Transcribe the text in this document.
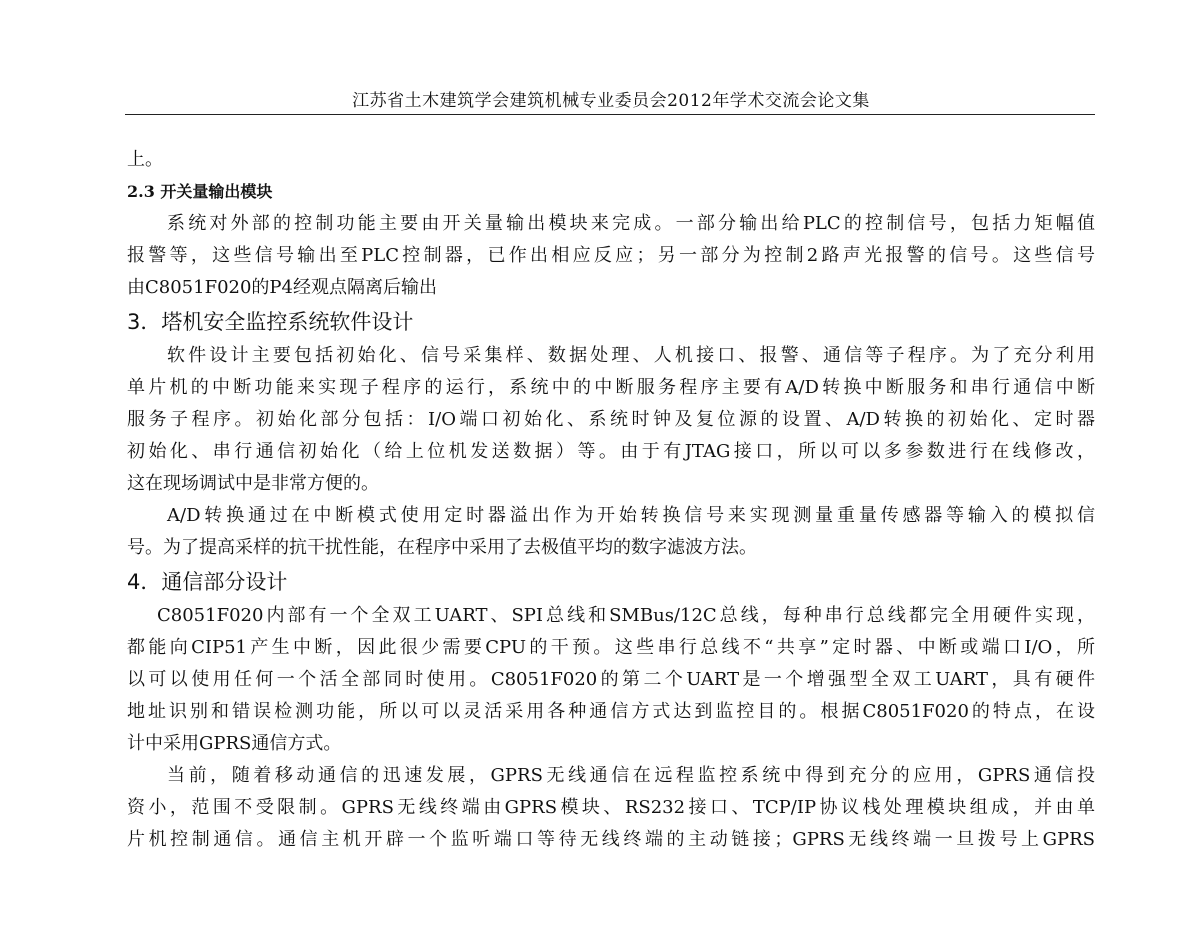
江苏省土木建筑学会建筑机械专业委员会2012年学术交流会论文集
上。
2.3 开关量输出模块
系统对外部的控制功能主要由开关量输出模块来完成。一部分输出给PLC的控制信号，包括力矩幅值
报警等，这些信号输出至PLC控制器，已作出相应反应；另一部分为控制2路声光报警的信号。这些信号
由C8051F020的P4经观点隔离后输出
3．塔机安全监控系统软件设计
软件设计主要包括初始化、信号采集样、数据处理、人机接口、报警、通信等子程序。为了充分利用
单片机的中断功能来实现子程序的运行，系统中的中断服务程序主要有A/D转换中断服务和串行通信中断
服务子程序。初始化部分包括：I/O端口初始化、系统时钟及复位源的设置、A/D转换的初始化、定时器
初始化、串行通信初始化（给上位机发送数据）等。由于有JTAG接口，所以可以多参数进行在线修改，
这在现场调试中是非常方便的。
A/D转换通过在中断模式使用定时器溢出作为开始转换信号来实现测量重量传感器等输入的模拟信
号。为了提高采样的抗干扰性能，在程序中采用了去极值平均的数字滤波方法。
4．通信部分设计
C8051F020内部有一个全双工UART、SPI总线和SMBus/12C总线，每种串行总线都完全用硬件实现，
都能向CIP51产生中断，因此很少需要CPU的干预。这些串行总线不“共享”定时器、中断或端口I/O，所
以可以使用任何一个活全部同时使用。C8051F020的第二个UART是一个增强型全双工UART，具有硬件
地址识别和错误检测功能，所以可以灵活采用各种通信方式达到监控目的。根据C8051F020的特点，在设
计中采用GPRS通信方式。
当前，随着移动通信的迅速发展，GPRS无线通信在远程监控系统中得到充分的应用，GPRS通信投
资小，范围不受限制。GPRS无线终端由GPRS模块、RS232接口、TCP/IP协议栈处理模块组成，并由单
片机控制通信。通信主机开辟一个监听端口等待无线终端的主动链接；GPRS无线终端一旦拨号上GPRS
